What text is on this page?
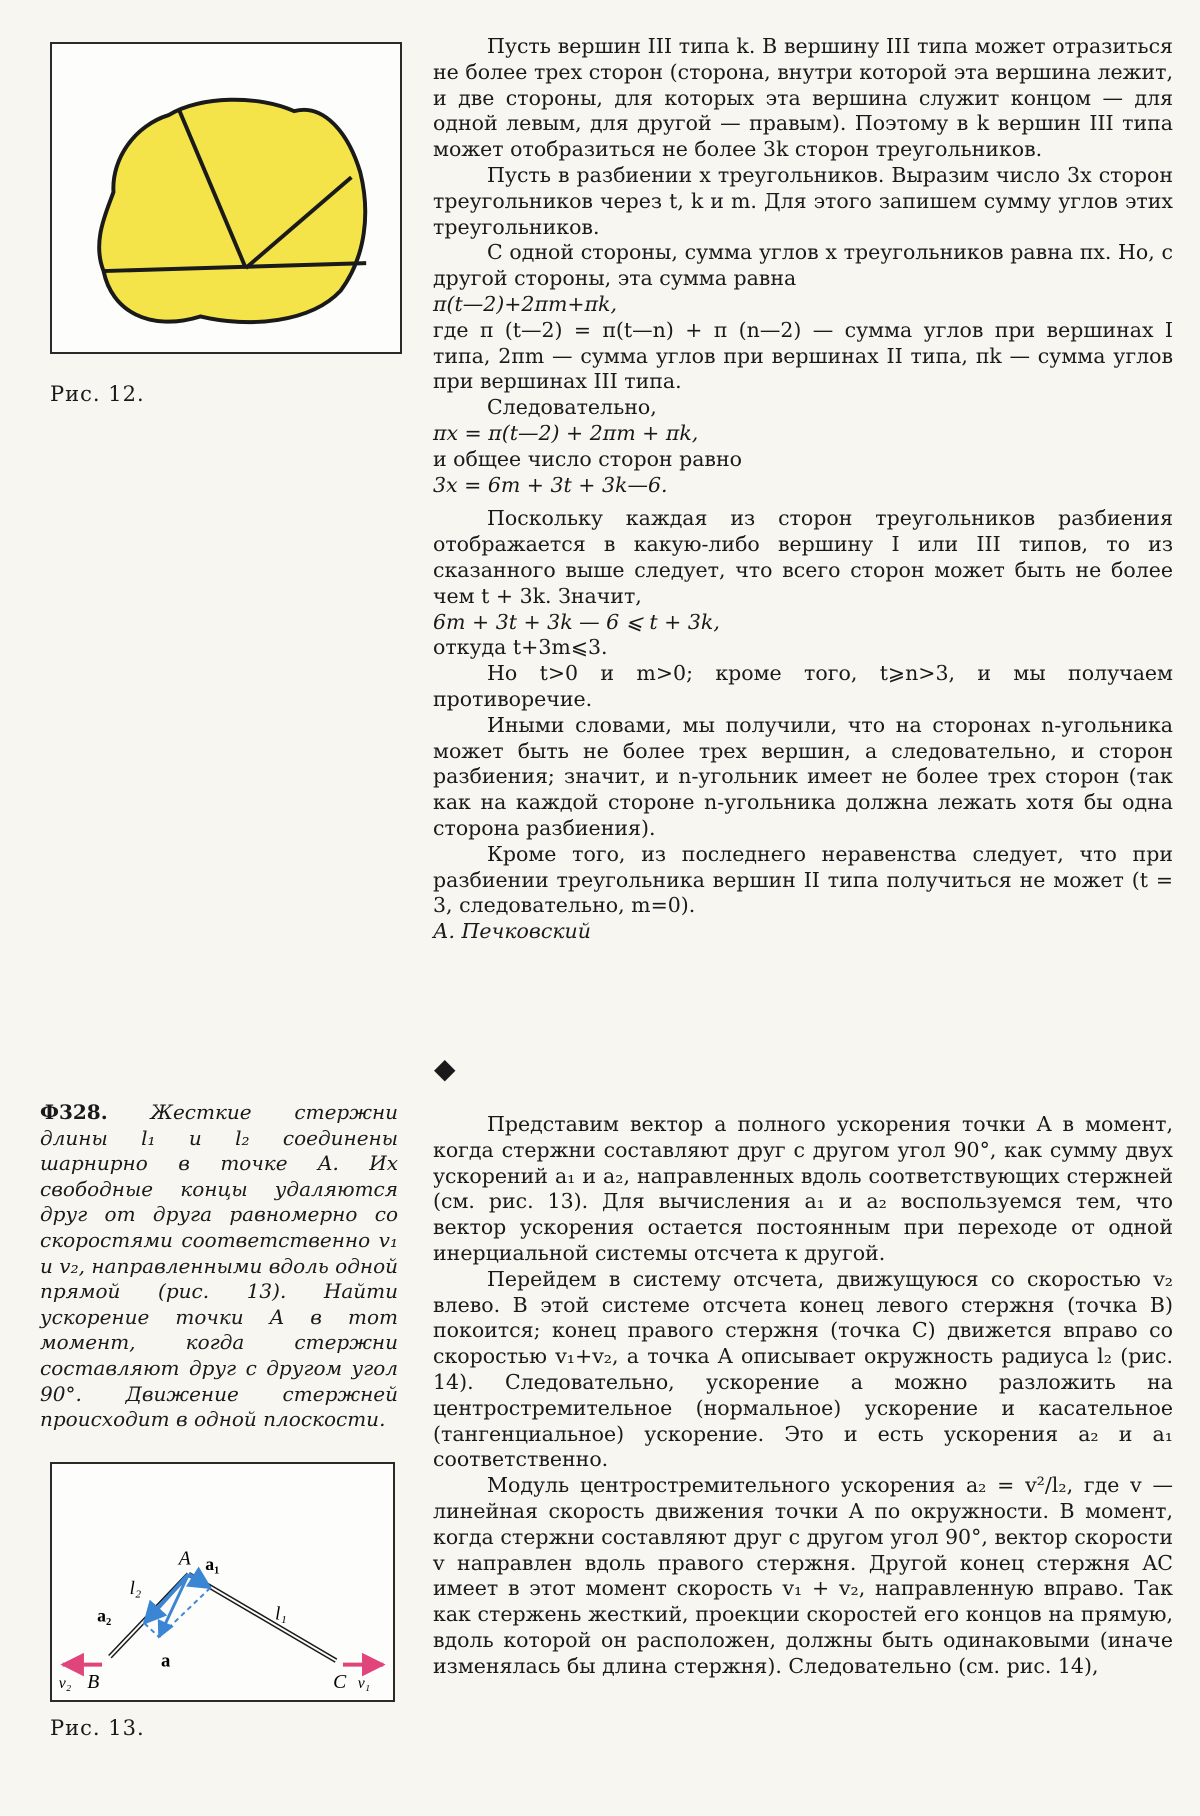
Рис. 12.

Пусть вершин III типа k. В вершину III типа может отразиться не более трех сторон (сторона, внутри которой эта вершина лежит, и две стороны, для которых эта вершина служит концом — для одной левым, для другой — правым). Поэтому в k вершин III типа может отобразиться не более 3k сторон треугольников.

Пусть в разбиении x треугольников. Выразим число 3x сторон треугольников через t, k и m. Для этого запишем сумму углов этих треугольников.

С одной стороны, сумма углов x треугольников равна πx. Но, с другой стороны, эта сумма равна

π(t—2)+2πm+πk,

где π (t—2) = π(t—n) + π (n—2) — сумма углов при вершинах I типа, 2πm — сумма углов при вершинах II типа, πk — сумма углов при вершинах III типа.

Следовательно,

πx = π(t—2) + 2πm + πk,

и общее число сторон равно

3x = 6m + 3t + 3k—6.

Поскольку каждая из сторон треугольников разбиения отображается в какую-либо вершину I или III типов, то из сказанного выше следует, что всего сторон может быть не более чем t + 3k. Значит,

6m + 3t + 3k — 6 ⩽ t + 3k,

откуда t+3m⩽3.

Но t>0 и m>0; кроме того, t⩾n>3, и мы получаем противоречие.

Иными словами, мы получили, что на сторонах n-угольника может быть не более трех вершин, а следовательно, и сторон разбиения; значит, и n-угольник имеет не более трех сторон (так как на каждой стороне n-угольника должна лежать хотя бы одна сторона разбиения).

Кроме того, из последнего неравенства следует, что при разбиении треугольника вершин II типа получиться не может (t = 3, следовательно, m=0).

А. Печковский

◆
Ф328. Жесткие стержни длины l₁ и l₂ соединены шарнирно в точке A. Их свободные концы удаляются друг от друга равномерно со скоростями соответственно v₁ и v₂, направленными вдоль одной прямой (рис. 13). Найти ускорение точки A в тот момент, когда стержни составляют друг с другом угол 90°. Движение стержней происходит в одной плоскости.
A a₁
l₂
a₂
a
l₁
B
v₂	C v₁
Рис. 13.

Представим вектор a полного ускорения точки A в момент, когда стержни составляют друг с другом угол 90°, как сумму двух ускорений a₁ и a₂, направленных вдоль соответствующих стержней (см. рис. 13). Для вычисления a₁ и a₂ воспользуемся тем, что вектор ускорения остается постоянным при переходе от одной инерциальной системы отсчета к другой.

Перейдем в систему отсчета, движущуюся со скоростью v₂ влево. В этой системе отсчета конец левого стержня (точка B) покоится; конец правого стержня (точка C) движется вправо со скоростью v₁+v₂, а точка A описывает окружность радиуса l₂ (рис. 14). Следовательно, ускорение a можно разложить на центростремительное (нормальное) ускорение и касательное (тангенциальное) ускорение. Это и есть ускорения a₂ и a₁ соответственно.

Модуль центростремительного ускорения a₂ = v²/l₂, где v — линейная скорость движения точки A по окружности. В момент, когда стержни составляют друг с другом угол 90°, вектор скорости v направлен вдоль правого стержня. Другой конец стержня AC имеет в этот момент скорость v₁ + v₂, направленную вправо. Так как стержень жесткий, проекции скоростей его концов на прямую, вдоль которой он расположен, должны быть одинаковыми (иначе изменялась бы длина стержня). Следовательно (см. рис. 14),
